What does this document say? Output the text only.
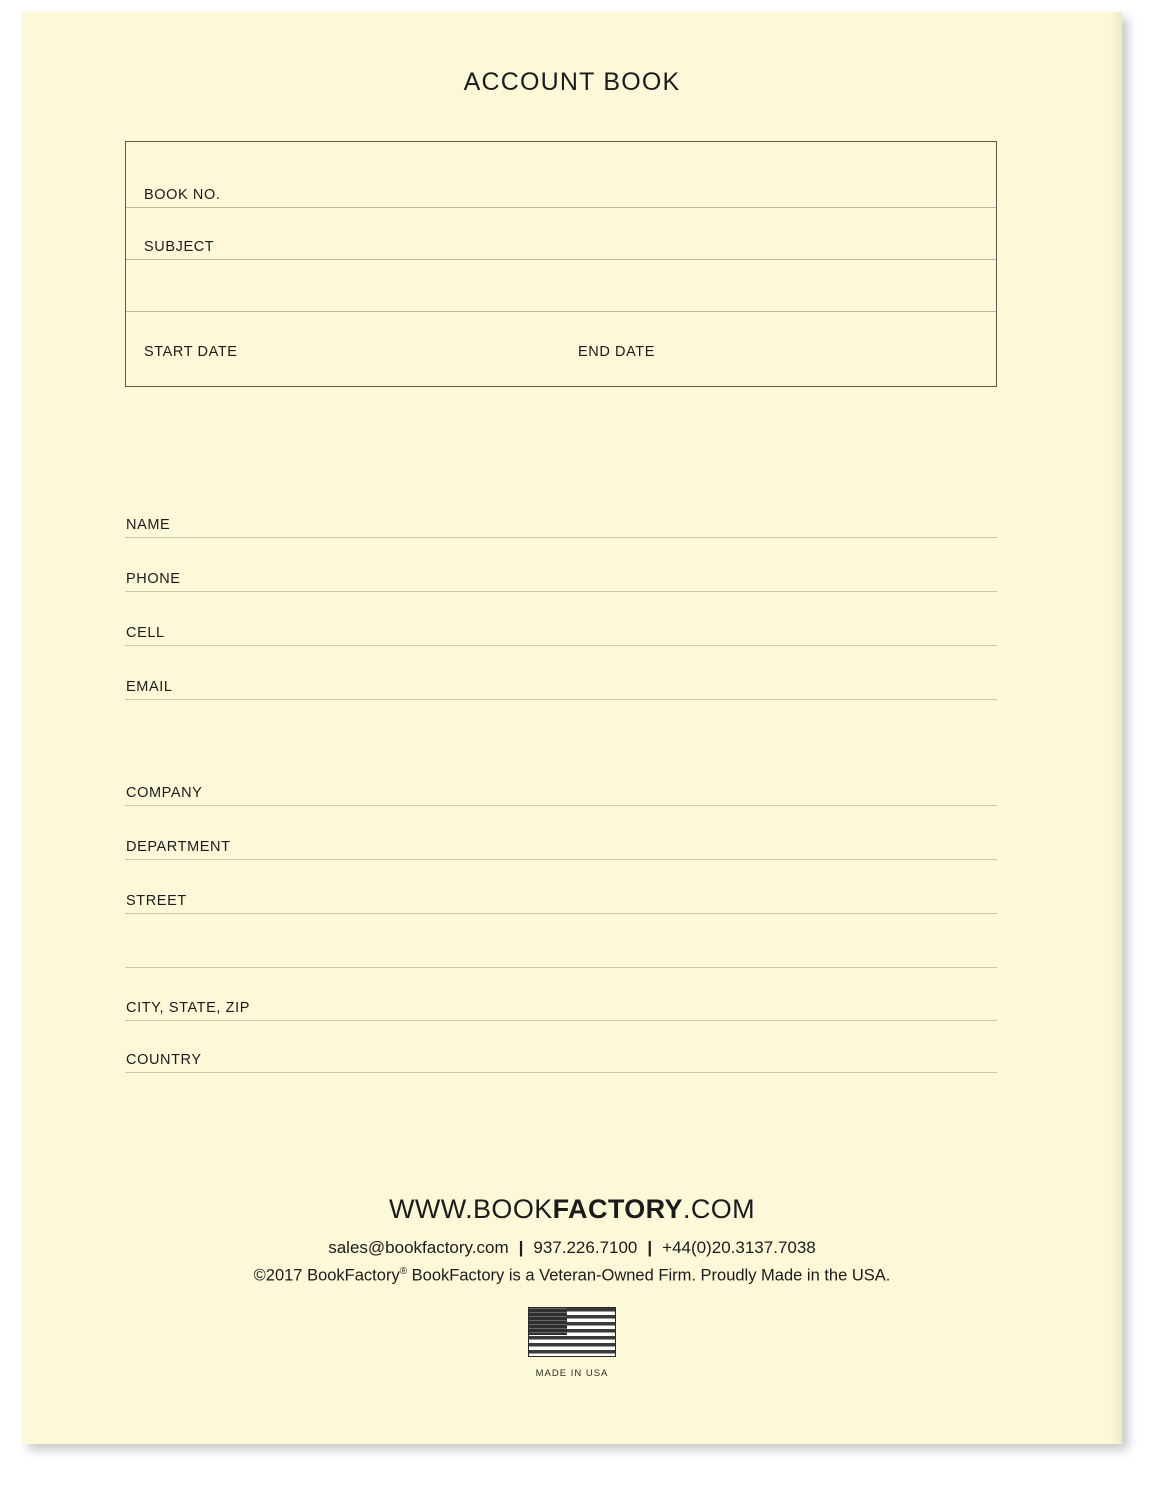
ACCOUNT BOOK
BOOK NO.
SUBJECT
START DATE	END DATE
NAME
PHONE
CELL
EMAIL
COMPANY
DEPARTMENT
STREET
CITY, STATE, ZIP
COUNTRY
WWW.BOOKFACTORY.COM
sales@bookfactory.com | 937.226.7100 | +44(0)20.3137.7038
©2017 BookFactory® BookFactory is a Veteran-Owned Firm. Proudly Made in the USA.
MADE IN USA
